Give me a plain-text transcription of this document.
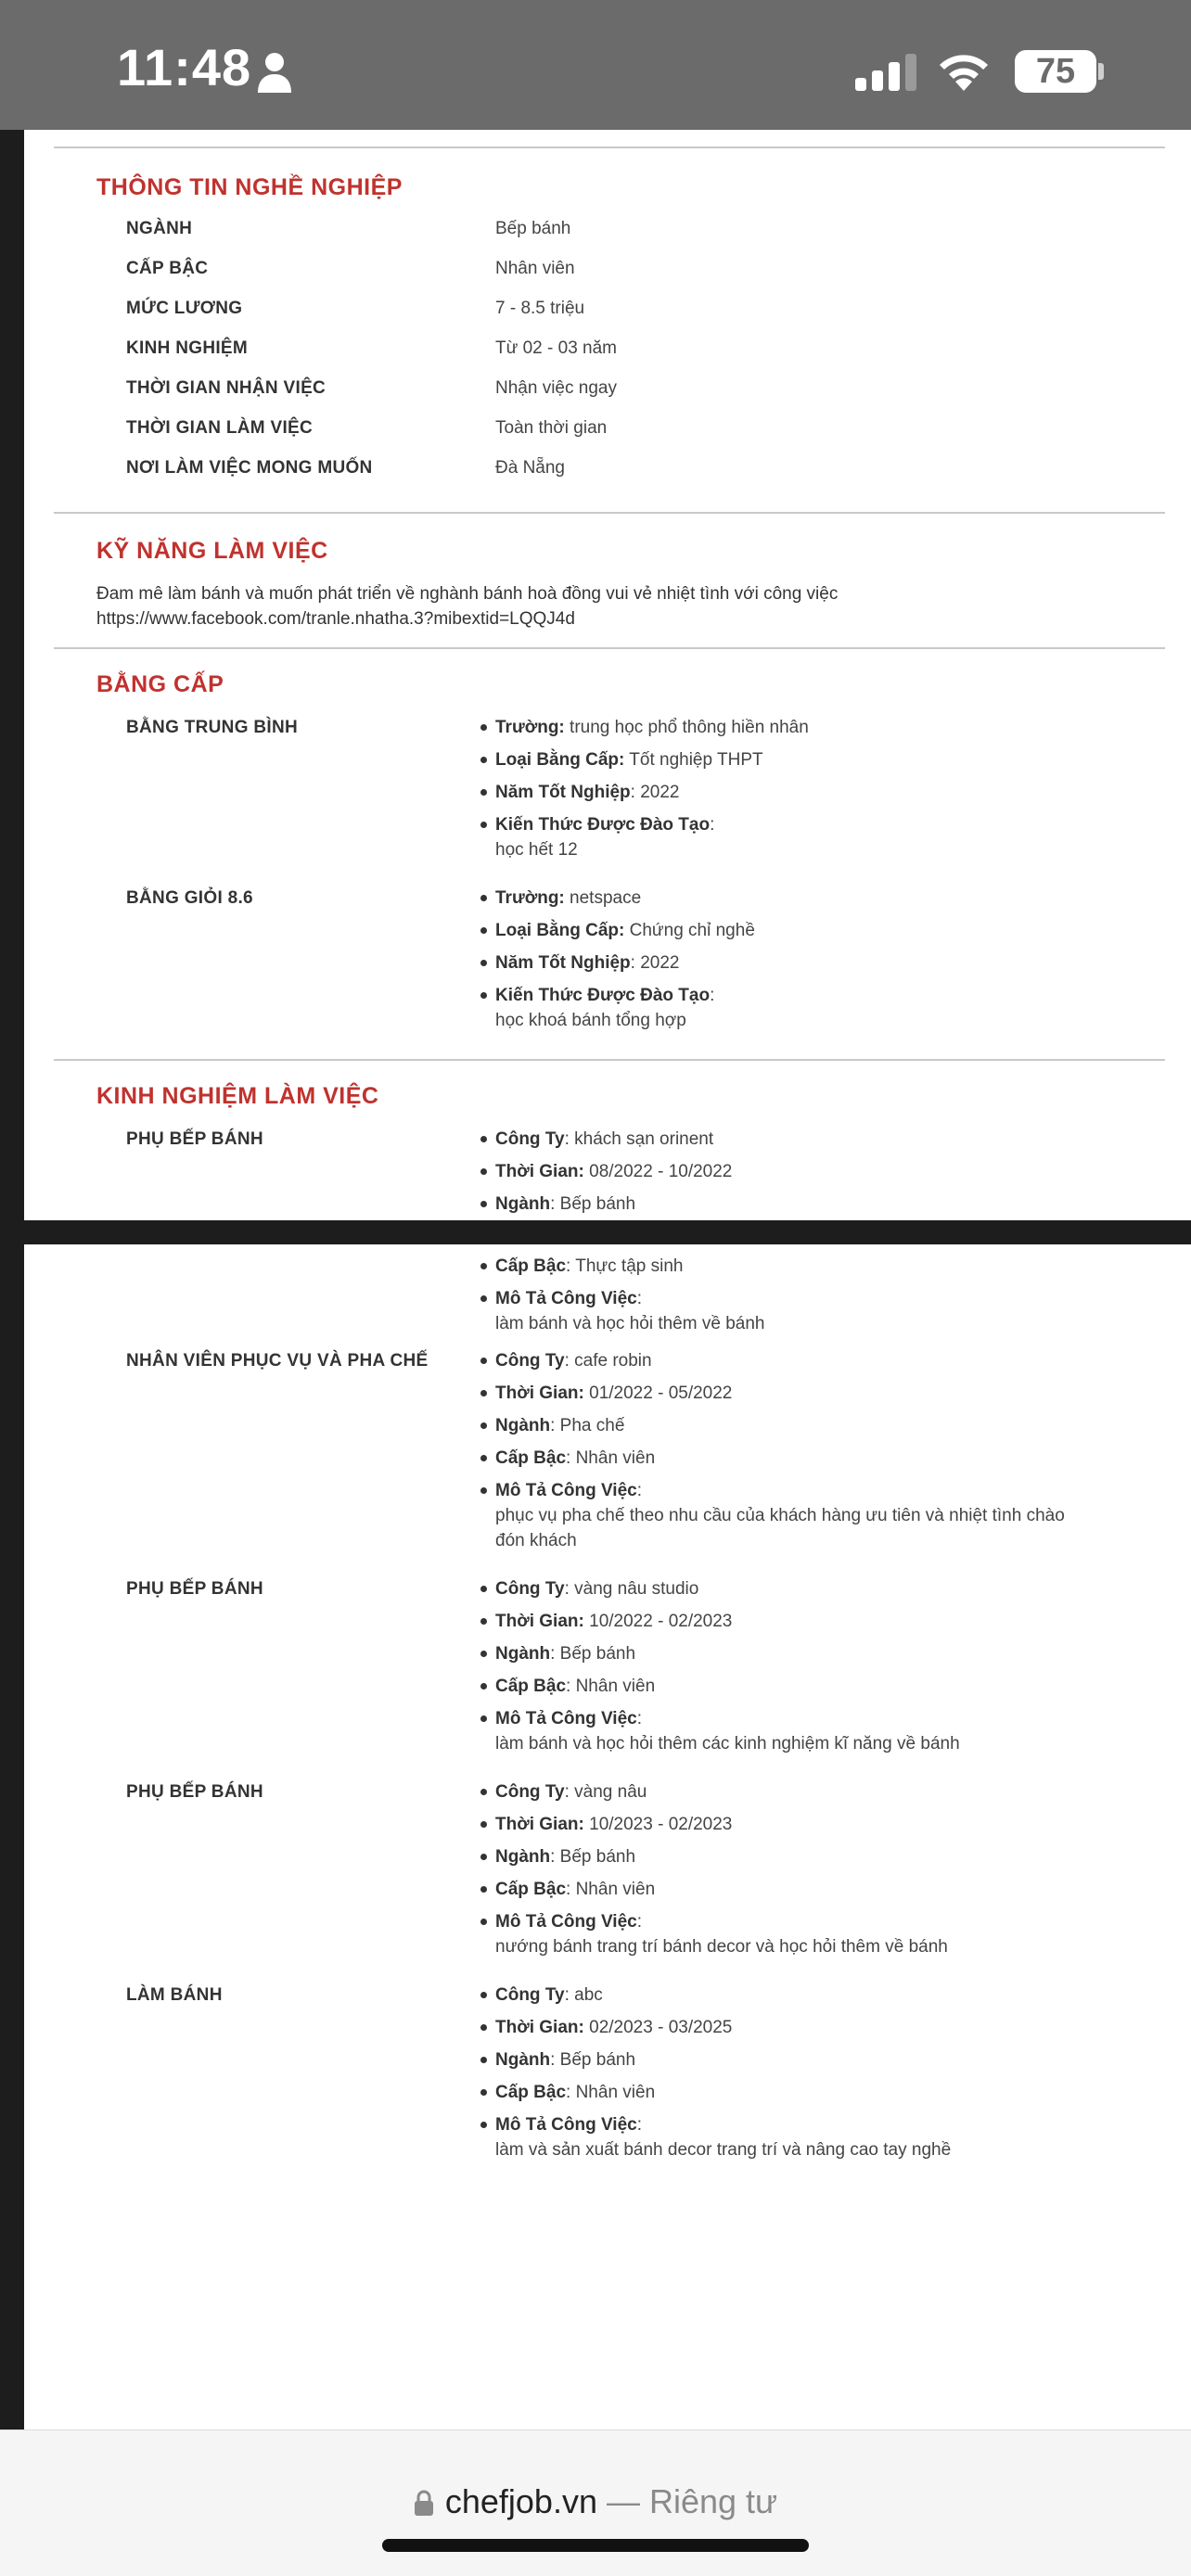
11:48	75
THÔNG TIN NGHỀ NGHIỆP
NGÀNH	Bếp bánh
CẤP BẬC	Nhân viên
MỨC LƯƠNG	7 - 8.5 triệu
KINH NGHIỆM	Từ 02 - 03 năm
THỜI GIAN NHẬN VIỆC	Nhận việc ngay
THỜI GIAN LÀM VIỆC	Toàn thời gian
NƠI LÀM VIỆC MONG MUỐN	Đà Nẵng
KỸ NĂNG LÀM VIỆC
Đam mê làm bánh và muốn phát triển về nghành bánh hoà đồng vui vẻ nhiệt tình với công việc
https://www.facebook.com/tranle.nhatha.3?mibextid=LQQJ4d
BẰNG CẤP
BẰNG TRUNG BÌNH	Trường: trung học phổ thông hiền nhân
Loại Bằng Cấp: Tốt nghiệp THPT
Năm Tốt Nghiệp: 2022
Kiến Thức Được Đào Tạo:
học hết 12
BẰNG GIỎI 8.6	Trường: netspace
Loại Bằng Cấp: Chứng chỉ nghề
Năm Tốt Nghiệp: 2022
Kiến Thức Được Đào Tạo:
học khoá bánh tổng hợp
KINH NGHIỆM LÀM VIỆC
PHỤ BẾP BÁNH	Công Ty: khách sạn orinent
Thời Gian: 08/2022 - 10/2022
Ngành: Bếp bánh
Cấp Bậc: Thực tập sinh
Mô Tả Công Việc:
làm bánh và học hỏi thêm về bánh
NHÂN VIÊN PHỤC VỤ VÀ PHA CHẾ	Công Ty: cafe robin
Thời Gian: 01/2022 - 05/2022
Ngành: Pha chế
Cấp Bậc: Nhân viên
Mô Tả Công Việc:
phục vụ pha chế theo nhu cầu của khách hàng ưu tiên và nhiệt tình chào
đón khách
PHỤ BẾP BÁNH	Công Ty: vàng nâu studio
Thời Gian: 10/2022 - 02/2023
Ngành: Bếp bánh
Cấp Bậc: Nhân viên
Mô Tả Công Việc:
làm bánh và học hỏi thêm các kinh nghiệm kĩ năng về bánh
PHỤ BẾP BÁNH	Công Ty: vàng nâu
Thời Gian: 10/2023 - 02/2023
Ngành: Bếp bánh
Cấp Bậc: Nhân viên
Mô Tả Công Việc:
nướng bánh trang trí bánh decor và học hỏi thêm về bánh
LÀM BÁNH	Công Ty: abc
Thời Gian: 02/2023 - 03/2025
Ngành: Bếp bánh
Cấp Bậc: Nhân viên
Mô Tả Công Việc:
làm và sản xuất bánh decor trang trí và nâng cao tay nghề
chefjob.vn — Riêng tư
